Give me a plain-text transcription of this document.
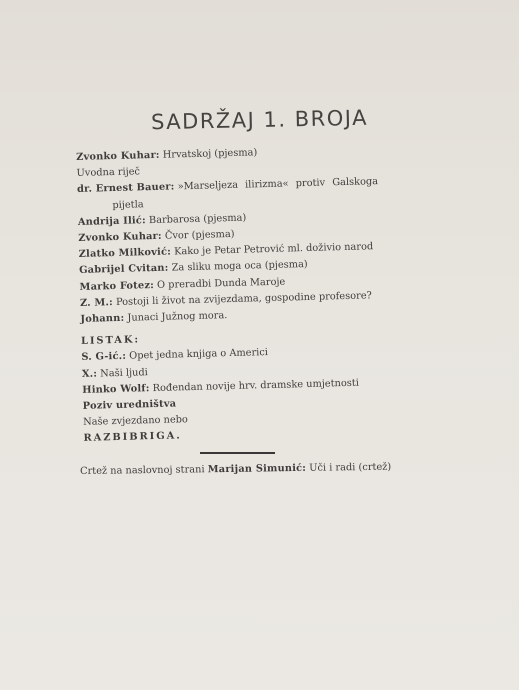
SADRŽAJ 1. BROJA
Zvonko Kuhar: Hrvatskoj (pjesma)
Uvodna riječ
dr. Ernest Bauer: »Marseljeza ilirizma« protiv Galskoga
pijetla
Andrija Ilić: Barbarosa (pjesma)
Zvonko Kuhar: Čvor (pjesma)
Zlatko Milković: Kako je Petar Petrović ml. doživio narod
Gabrijel Cvitan: Za sliku moga oca (pjesma)
Marko Fotez: O preradbi Dunda Maroje
Z. M.: Postoji li život na zvijezdama, gospodine profesore?
Johann: Junaci Južnog mora.
LISTAK:
S. G-ić.: Opet jedna knjiga o Americi
X.: Naši ljudi
Hinko Wolf: Rođendan novije hrv. dramske umjetnosti
Poziv uredništva
Naše zvjezdano nebo
RAZBIBRIGA.
Crtež na naslovnoj strani Marijan Simunić: Uči i radi (crtež)
